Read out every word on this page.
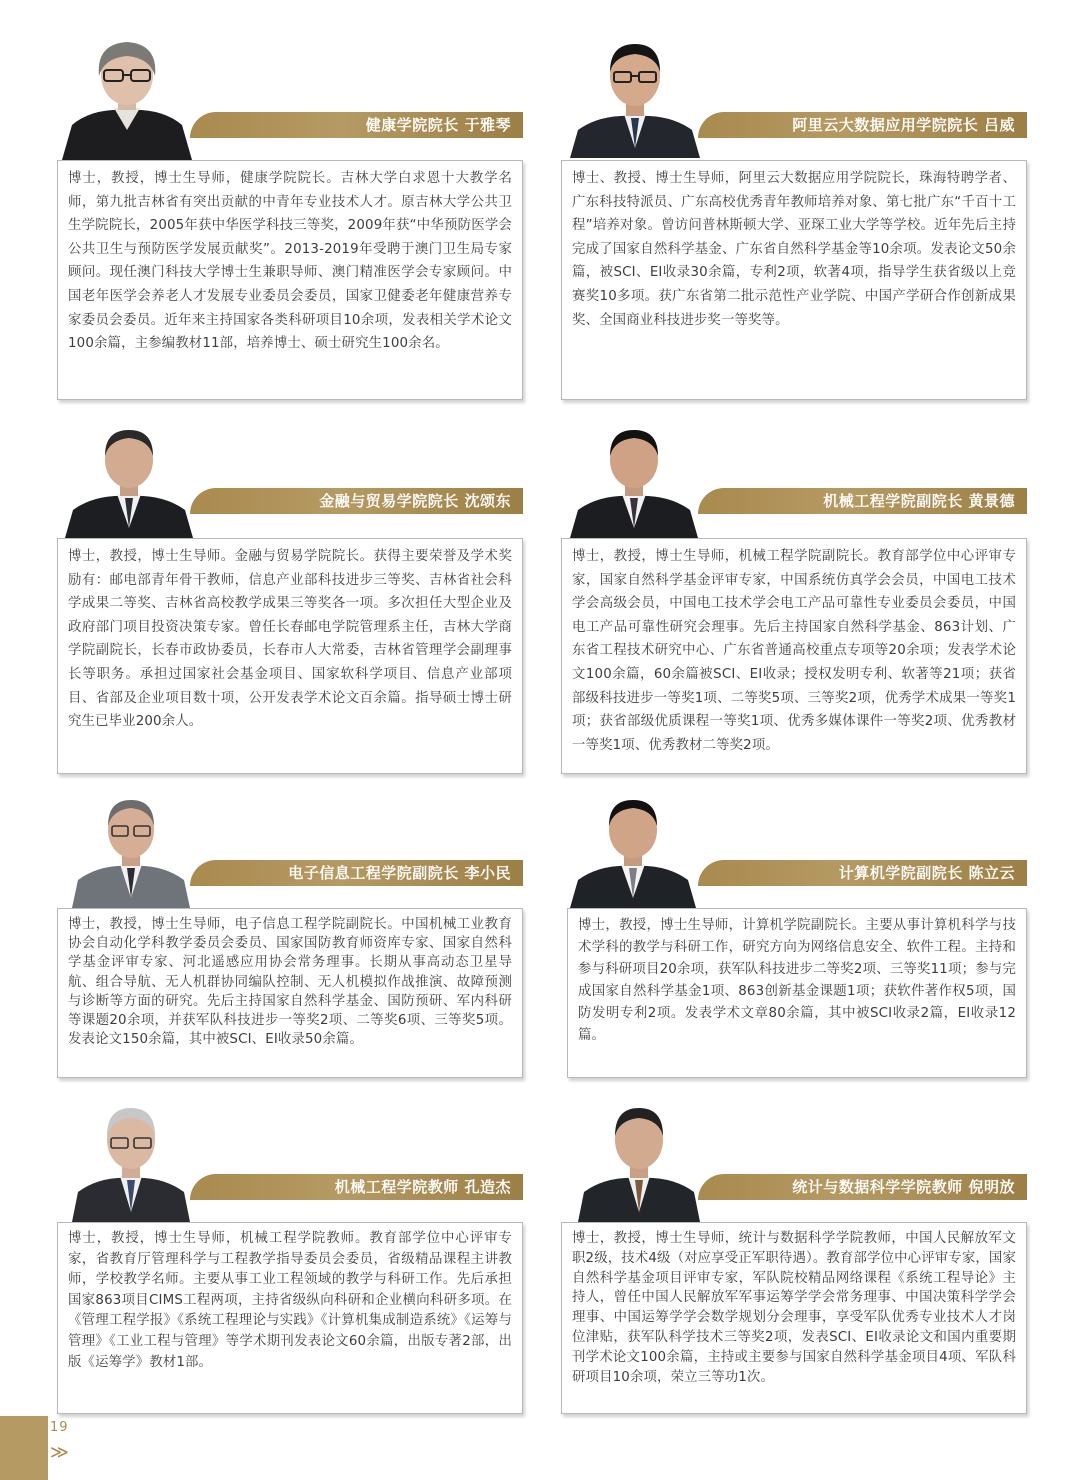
健康学院院长 于雅琴

博士，教授，博士生导师，健康学院院长。吉林大学白求恩十大教学名师，第九批吉林省有突出贡献的中青年专业技术人才。原吉林大学公共卫生学院院长，2005年获中华医学科技三等奖，2009年获“中华预防医学会公共卫生与预防医学发展贡献奖”。2013-2019年受聘于澳门卫生局专家顾问。现任澳门科技大学博士生兼职导师、澳门精准医学会专家顾问。中国老年医学会养老人才发展专业委员会委员，国家卫健委老年健康营养专家委员会委员。近年来主持国家各类科研项目10余项，发表相关学术论文100余篇，主参编教材11部，培养博士、硕士研究生100余名。

阿里云大数据应用学院院长 吕威

博士、教授、博士生导师，阿里云大数据应用学院院长，珠海特聘学者、广东科技特派员、广东高校优秀青年教师培养对象、第七批广东“千百十工程”培养对象。曾访问普林斯顿大学、亚琛工业大学等学校。近年先后主持完成了国家自然科学基金、广东省自然科学基金等10余项。发表论文50余篇，被SCI、EI收录30余篇，专利2项，软著4项，指导学生获省级以上竞赛奖10多项。获广东省第二批示范性产业学院、中国产学研合作创新成果奖、全国商业科技进步奖一等奖等。

金融与贸易学院院长 沈颂东

博士，教授，博士生导师。金融与贸易学院院长。获得主要荣誉及学术奖励有：邮电部青年骨干教师，信息产业部科技进步三等奖、吉林省社会科学成果二等奖、吉林省高校教学成果三等奖各一项。多次担任大型企业及政府部门项目投资决策专家。曾任长春邮电学院管理系主任，吉林大学商学院副院长，长春市政协委员，长春市人大常委，吉林省管理学会副理事长等职务。承担过国家社会基金项目、国家软科学项目、信息产业部项目、省部及企业项目数十项，公开发表学术论文百余篇。指导硕士博士研究生已毕业200余人。

机械工程学院副院长 黄景德

博士，教授，博士生导师，机械工程学院副院长。教育部学位中心评审专家，国家自然科学基金评审专家，中国系统仿真学会会员，中国电工技术学会高级会员，中国电工技术学会电工产品可靠性专业委员会委员，中国电工产品可靠性研究会理事。先后主持国家自然科学基金、863计划、广东省工程技术研究中心、广东省普通高校重点专项等20余项；发表学术论文100余篇，60余篇被SCI、EI收录；授权发明专利、软著等21项；获省部级科技进步一等奖1项、二等奖5项、三等奖2项，优秀学术成果一等奖1项；获省部级优质课程一等奖1项、优秀多媒体课件一等奖2项、优秀教材一等奖1项、优秀教材二等奖2项。

电子信息工程学院副院长 李小民

博士，教授，博士生导师，电子信息工程学院副院长。中国机械工业教育协会自动化学科教学委员会委员、国家国防教育师资库专家、国家自然科学基金评审专家、河北遥感应用协会常务理事。长期从事高动态卫星导航、组合导航、无人机群协同编队控制、无人机模拟作战推演、故障预测与诊断等方面的研究。先后主持国家自然科学基金、国防预研、军内科研等课题20余项，并获军队科技进步一等奖2项、二等奖6项、三等奖5项。发表论文150余篇，其中被SCI、EI收录50余篇。

计算机学院副院长 陈立云

博士，教授，博士生导师，计算机学院副院长。主要从事计算机科学与技术学科的教学与科研工作，研究方向为网络信息安全、软件工程。主持和参与科研项目20余项，获军队科技进步二等奖2项、三等奖11项；参与完成国家自然科学基金1项、863创新基金课题1项；获软件著作权5项，国防发明专利2项。发表学术文章80余篇，其中被SCI收录2篇，EI收录12篇。

机械工程学院教师 孔造杰

博士，教授，博士生导师，机械工程学院教师。教育部学位中心评审专家，省教育厅管理科学与工程教学指导委员会委员，省级精品课程主讲教师，学校教学名师。主要从事工业工程领域的教学与科研工作。先后承担国家863项目CIMS工程两项，主持省级纵向科研和企业横向科研多项。在《管理工程学报》《系统工程理论与实践》《计算机集成制造系统》《运筹与管理》《工业工程与管理》等学术期刊发表论文60余篇，出版专著2部，出版《运筹学》教材1部。

统计与数据科学学院教师 倪明放

博士，教授，博士生导师，统计与数据科学学院教师，中国人民解放军文职2级，技术4级（对应享受正军职待遇）。教育部学位中心评审专家，国家自然科学基金项目评审专家，军队院校精品网络课程《系统工程导论》主持人，曾任中国人民解放军军事运筹学学会常务理事、中国决策科学学会理事、中国运筹学学会数学规划分会理事，享受军队优秀专业技术人才岗位津贴，获军队科学技术三等奖2项，发表SCI、EI收录论文和国内重要期刊学术论文100余篇，主持或主要参与国家自然科学基金项目4项、军队科研项目10余项，荣立三等功1次。

19
≫
